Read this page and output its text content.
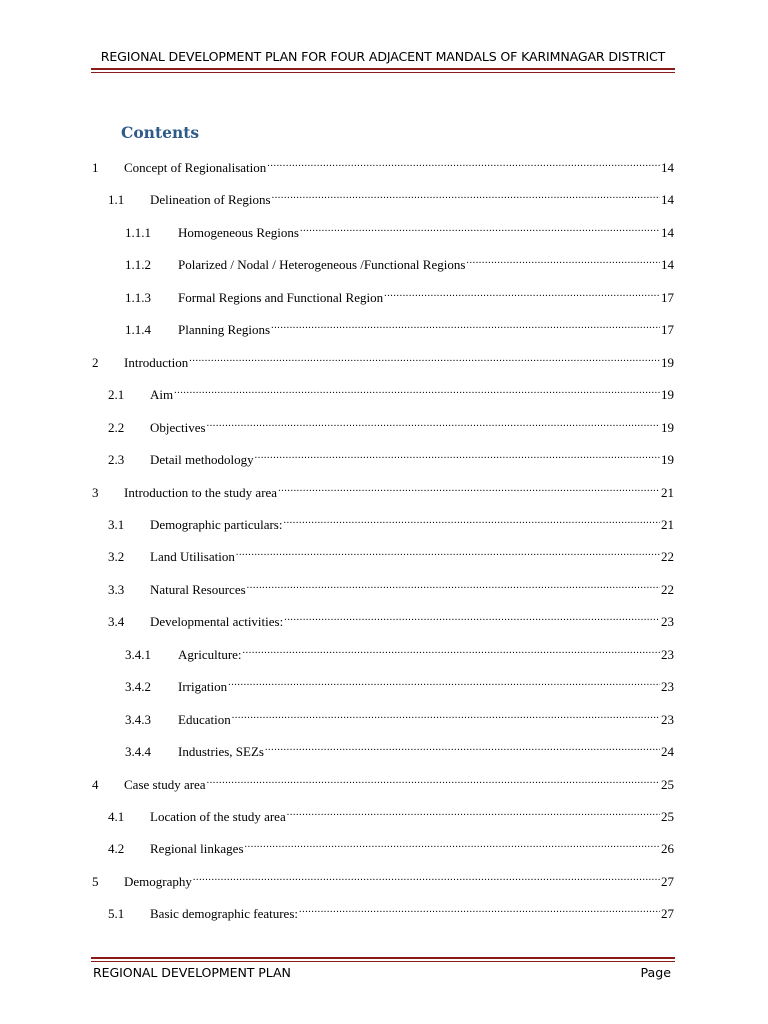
REGIONAL DEVELOPMENT PLAN FOR FOUR ADJACENT MANDALS OF KARIMNAGAR DISTRICT
Contents
1	Concept of Regionalisation .....	14
1.1	Delineation of Regions .....	14
1.1.1	Homogeneous Regions .....	14
1.1.2	Polarized / Nodal / Heterogeneous /Functional Regions .....	14
1.1.3	Formal Regions and Functional Region .....	17
1.1.4	Planning Regions .....	17
2	Introduction .....	19
2.1	Aim .....	19
2.2	Objectives .....	19
2.3	Detail methodology .....	19
3	Introduction to the study area .....	21
3.1	Demographic particulars: .....	21
3.2	Land Utilisation .....	22
3.3	Natural Resources .....	22
3.4	Developmental activities: .....	23
3.4.1	Agriculture: .....	23
3.4.2	Irrigation .....	23
3.4.3	Education .....	23
3.4.4	Industries, SEZs .....	24
4	Case study area .....	25
4.1	Location of the study area .....	25
4.2	Regional linkages .....	26
5	Demography .....	27
5.1	Basic demographic features: .....	27
REGIONAL DEVELOPMENT PLAN	Page
